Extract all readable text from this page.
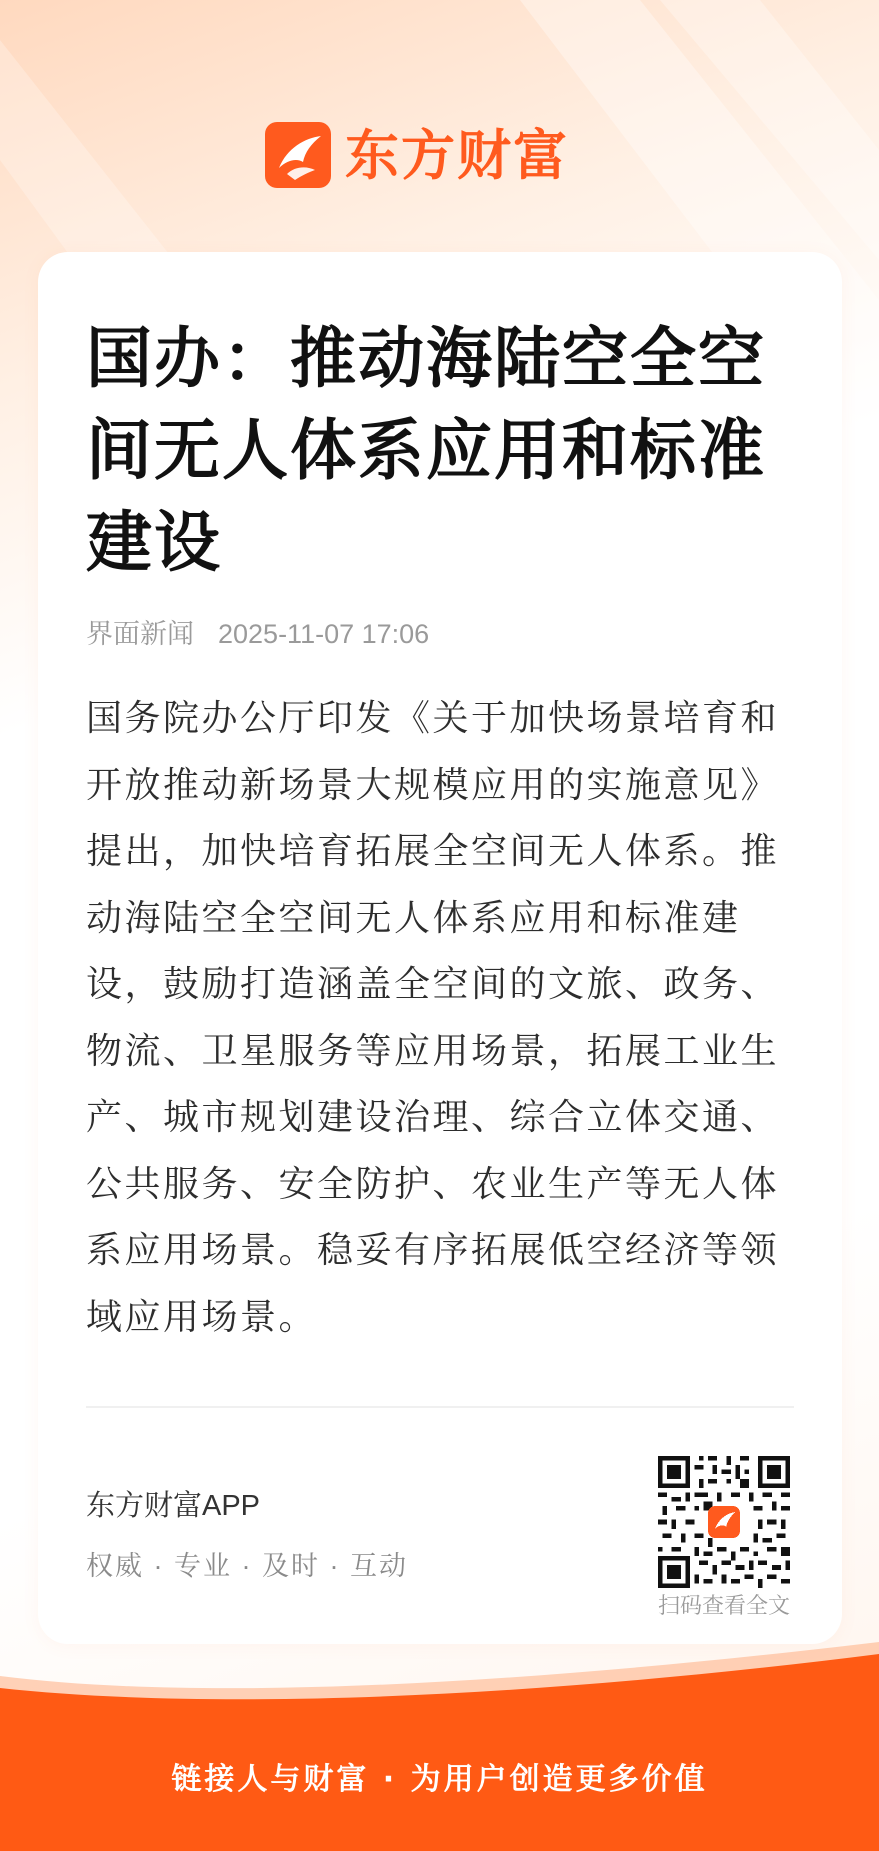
东方财富
国办：推动海陆空全空间无人体系应用和标准建设
界面新闻 2025-11-07 17:06

国务院办公厅印发《关于加快场景培育和开放推动新场景大规模应用的实施意见》提出，加快培育拓展全空间无人体系。推动海陆空全空间无人体系应用和标准建设，鼓励打造涵盖全空间的文旅、政务、物流、卫星服务等应用场景，拓展工业生产、城市规划建设治理、综合立体交通、公共服务、安全防护、农业生产等无人体系应用场景。稳妥有序拓展低空经济等领域应用场景。

东方财富APP
权威 · 专业 · 及时 · 互动
扫码查看全文
链接人与财富 · 为用户创造更多价值
